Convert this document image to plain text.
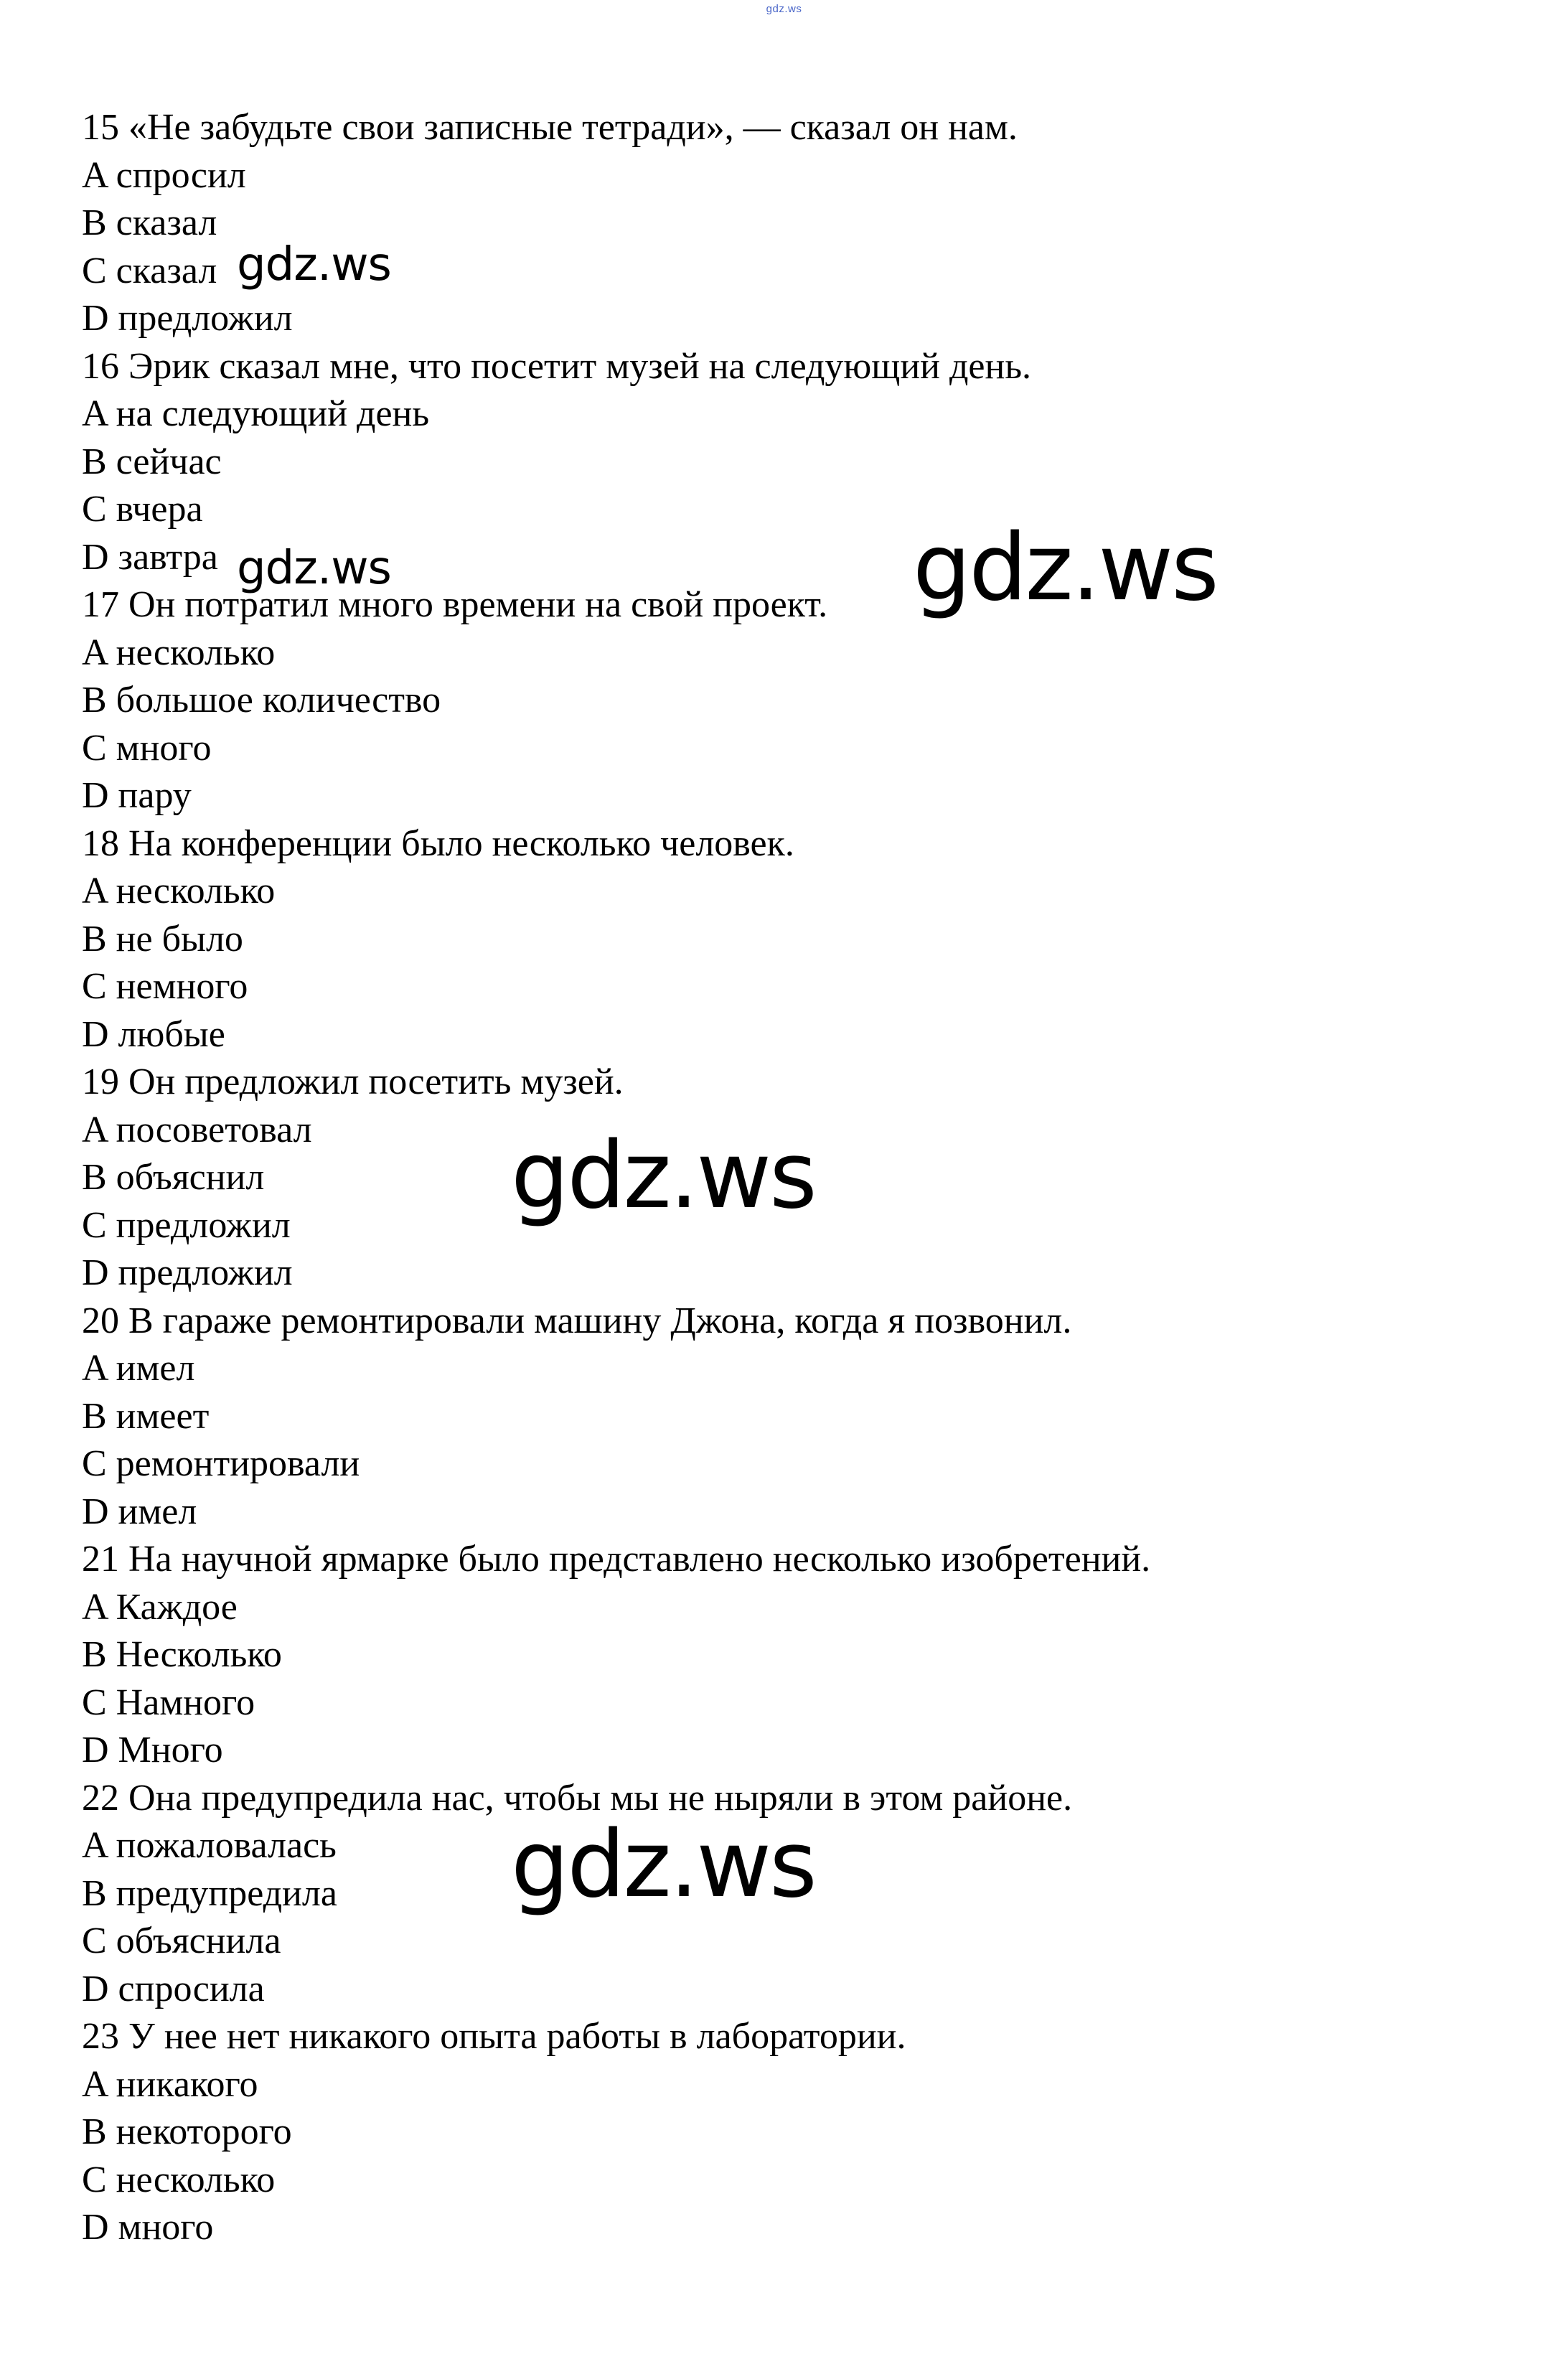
gdz.ws
15 «Не забудьте свои записные тетради», — сказал он нам.
A спросил
B сказал
C сказал
D предложил
16 Эрик сказал мне, что посетит музей на следующий день.
A на следующий день
B сейчас
C вчера
D завтра
17 Он потратил много времени на свой проект.
A несколько
B большое количество
C много
D пару
18 На конференции было несколько человек.
A несколько
B не было
C немного
D любые
19 Он предложил посетить музей.
A посоветовал
B объяснил
C предложил
D предложил
20 В гараже ремонтировали машину Джона, когда я позвонил.
A имел
B имеет
C ремонтировали
D имел
21 На научной ярмарке было представлено несколько изобретений.
A Каждое
B Несколько
C Намного
D Много
22 Она предупредила нас, чтобы мы не ныряли в этом районе.
A пожаловалась
B предупредила
C объяснила
D спросила
23 У нее нет никакого опыта работы в лаборатории.
A никакого
B некоторого
C несколько
D много
gdz.ws
gdz.ws	gdz.ws
gdz.ws
gdz.ws
